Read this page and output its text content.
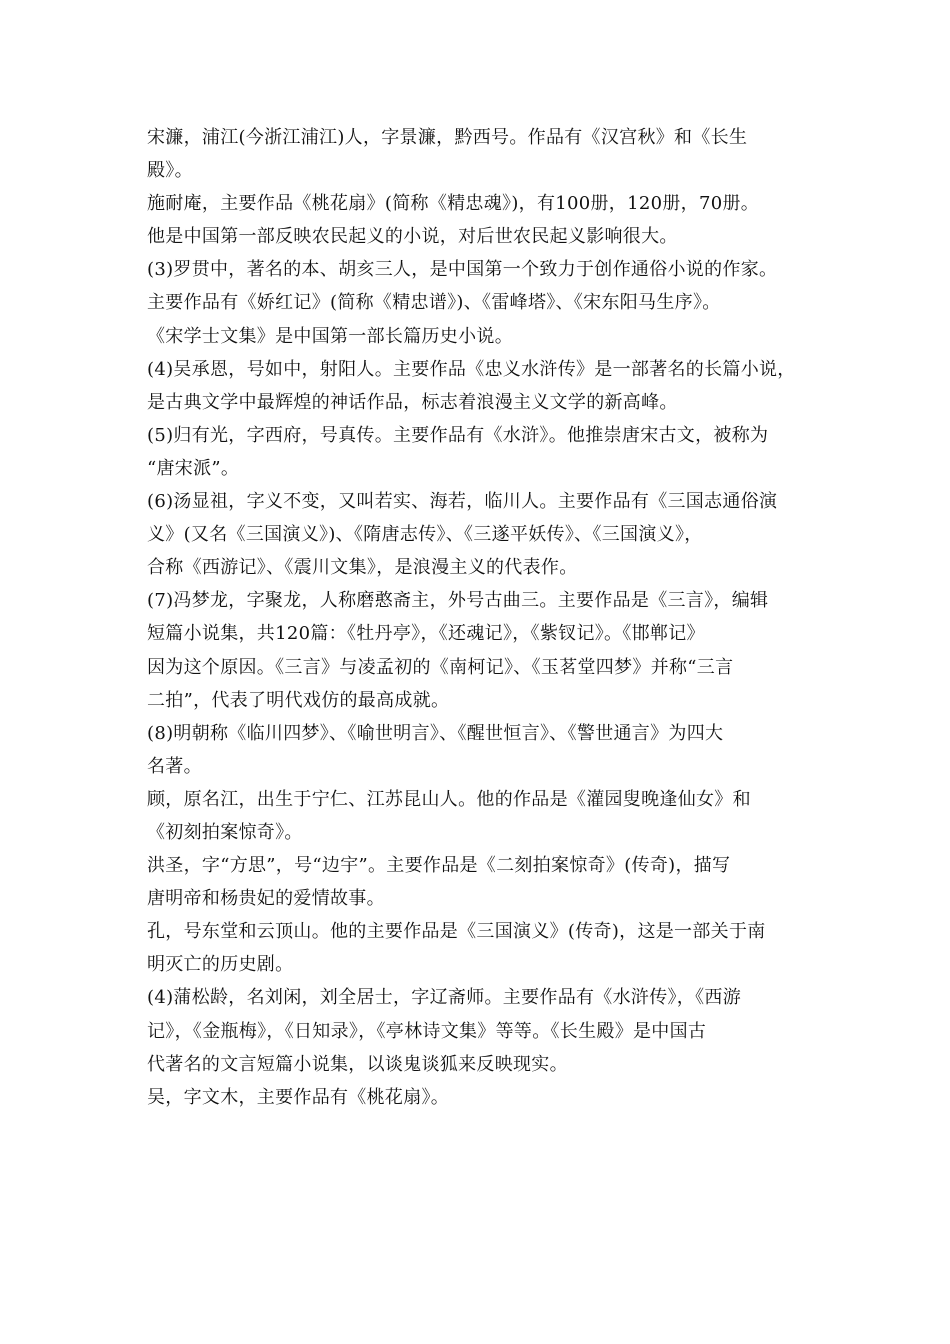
宋濂，浦江(今浙江浦江)人，字景濂，黔西号。作品有《汉宫秋》和《长生
殿》。
施耐庵，主要作品《桃花扇》(简称《精忠魂》)，有100册，120册，70册。
他是中国第一部反映农民起义的小说，对后世农民起义影响很大。
(3)罗贯中，著名的本、胡亥三人，是中国第一个致力于创作通俗小说的作家。
主要作品有《娇红记》(简称《精忠谱》)、《雷峰塔》、《宋东阳马生序》。
《宋学士文集》是中国第一部长篇历史小说。
(4)吴承恩，号如中，射阳人。主要作品《忠义水浒传》是一部著名的长篇小说，
是古典文学中最辉煌的神话作品，标志着浪漫主义文学的新高峰。
(5)归有光，字西府，号真传。主要作品有《水浒》。他推崇唐宋古文，被称为
“唐宋派”。
(6)汤显祖，字义不变，又叫若实、海若，临川人。主要作品有《三国志通俗演
义》(又名《三国演义》)、《隋唐志传》、《三遂平妖传》、《三国演义》，
合称《西游记》、《震川文集》，是浪漫主义的代表作。
(7)冯梦龙，字聚龙，人称磨憨斋主，外号古曲三。主要作品是《三言》，编辑
短篇小说集，共120篇：《牡丹亭》，《还魂记》，《紫钗记》。《邯郸记》
因为这个原因。《三言》与凌孟初的《南柯记》、《玉茗堂四梦》并称“三言
二拍”，代表了明代戏仿的最高成就。
(8)明朝称《临川四梦》、《喻世明言》、《醒世恒言》、《警世通言》为四大
名著。
顾，原名江，出生于宁仁、江苏昆山人。他的作品是《灌园叟晚逢仙女》和
《初刻拍案惊奇》。
洪圣，字“方思”，号“边宇”。主要作品是《二刻拍案惊奇》(传奇)，描写
唐明帝和杨贵妃的爱情故事。
孔，号东堂和云顶山。他的主要作品是《三国演义》(传奇)，这是一部关于南
明灭亡的历史剧。
(4)蒲松龄，名刘闲，刘全居士，字辽斋师。主要作品有《水浒传》，《西游
记》，《金瓶梅》，《日知录》，《亭林诗文集》等等。《长生殿》是中国古
代著名的文言短篇小说集，以谈鬼谈狐来反映现实。
吴，字文木，主要作品有《桃花扇》。
